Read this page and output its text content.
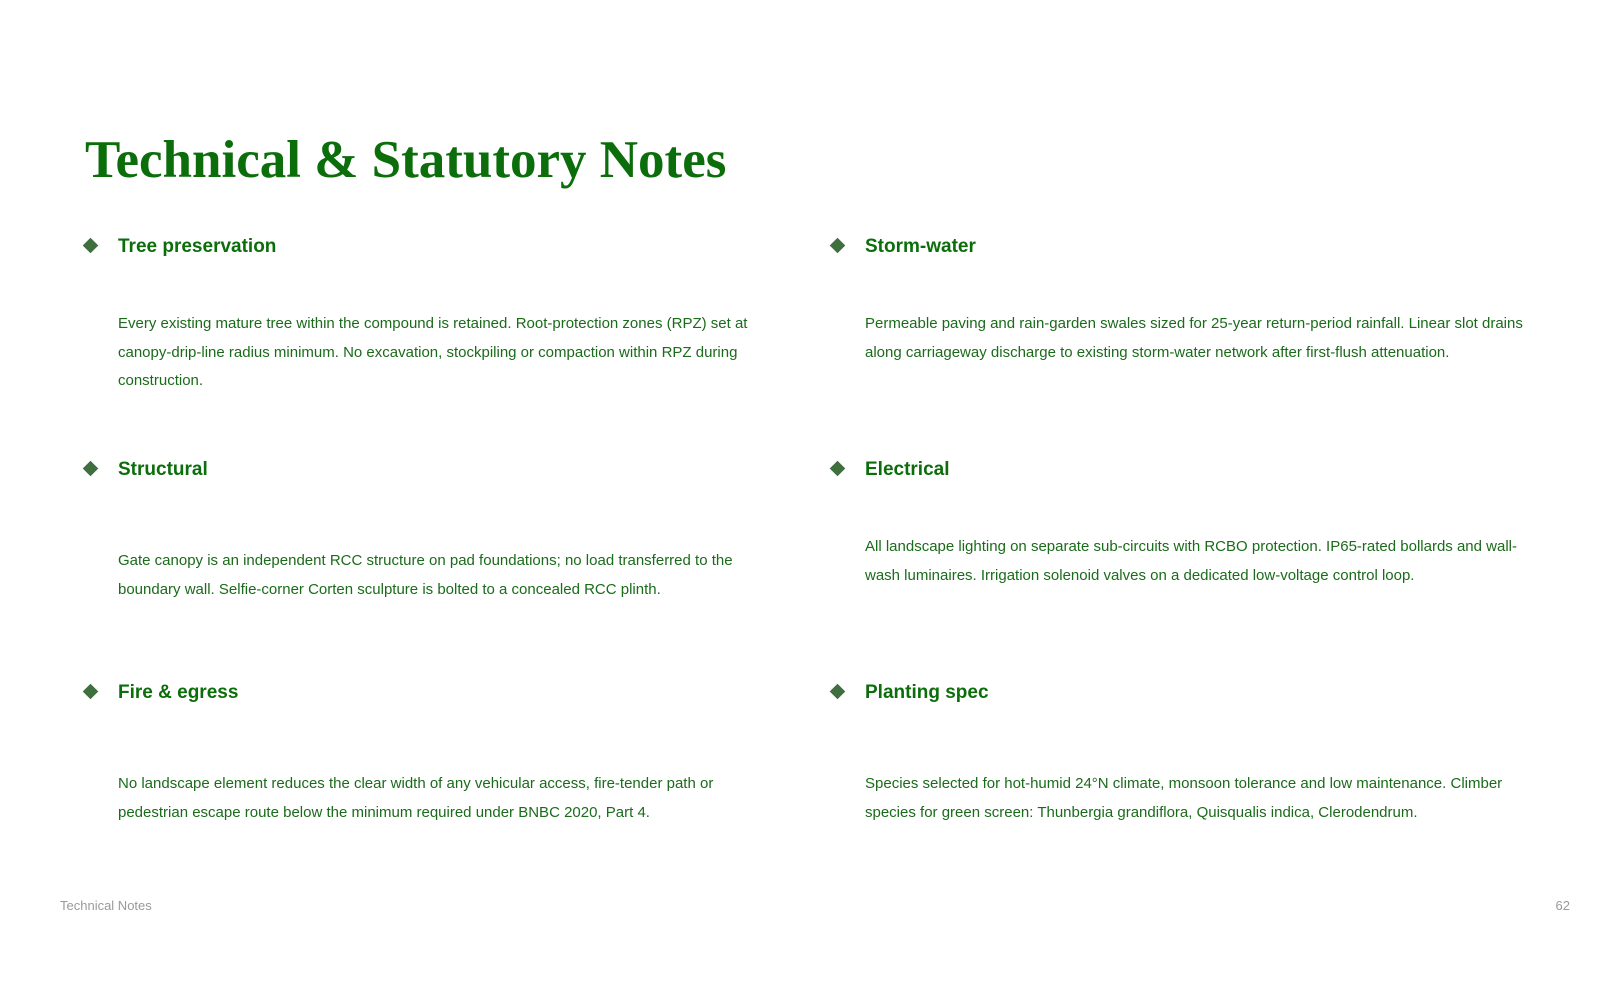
Technical & Statutory Notes
Tree preservation

Every existing mature tree within the compound is retained. Root-protection zones (RPZ) set at canopy-drip-line radius minimum. No excavation, stockpiling or compaction within RPZ during construction.

Storm-water

Permeable paving and rain-garden swales sized for 25-year return-period rainfall. Linear slot drains along carriageway discharge to existing storm-water network after first-flush attenuation.

Structural

Gate canopy is an independent RCC structure on pad foundations; no load transferred to the boundary wall. Selfie-corner Corten sculpture is bolted to a concealed RCC plinth.

Electrical

All landscape lighting on separate sub-circuits with RCBO protection. IP65-rated bollards and wall-wash luminaires. Irrigation solenoid valves on a dedicated low-voltage control loop.

Fire & egress

No landscape element reduces the clear width of any vehicular access, fire-tender path or pedestrian escape route below the minimum required under BNBC 2020, Part 4.

Planting spec

Species selected for hot-humid 24°N climate, monsoon tolerance and low maintenance. Climber species for green screen: Thunbergia grandiflora, Quisqualis indica, Clerodendrum.

Technical Notes	62
